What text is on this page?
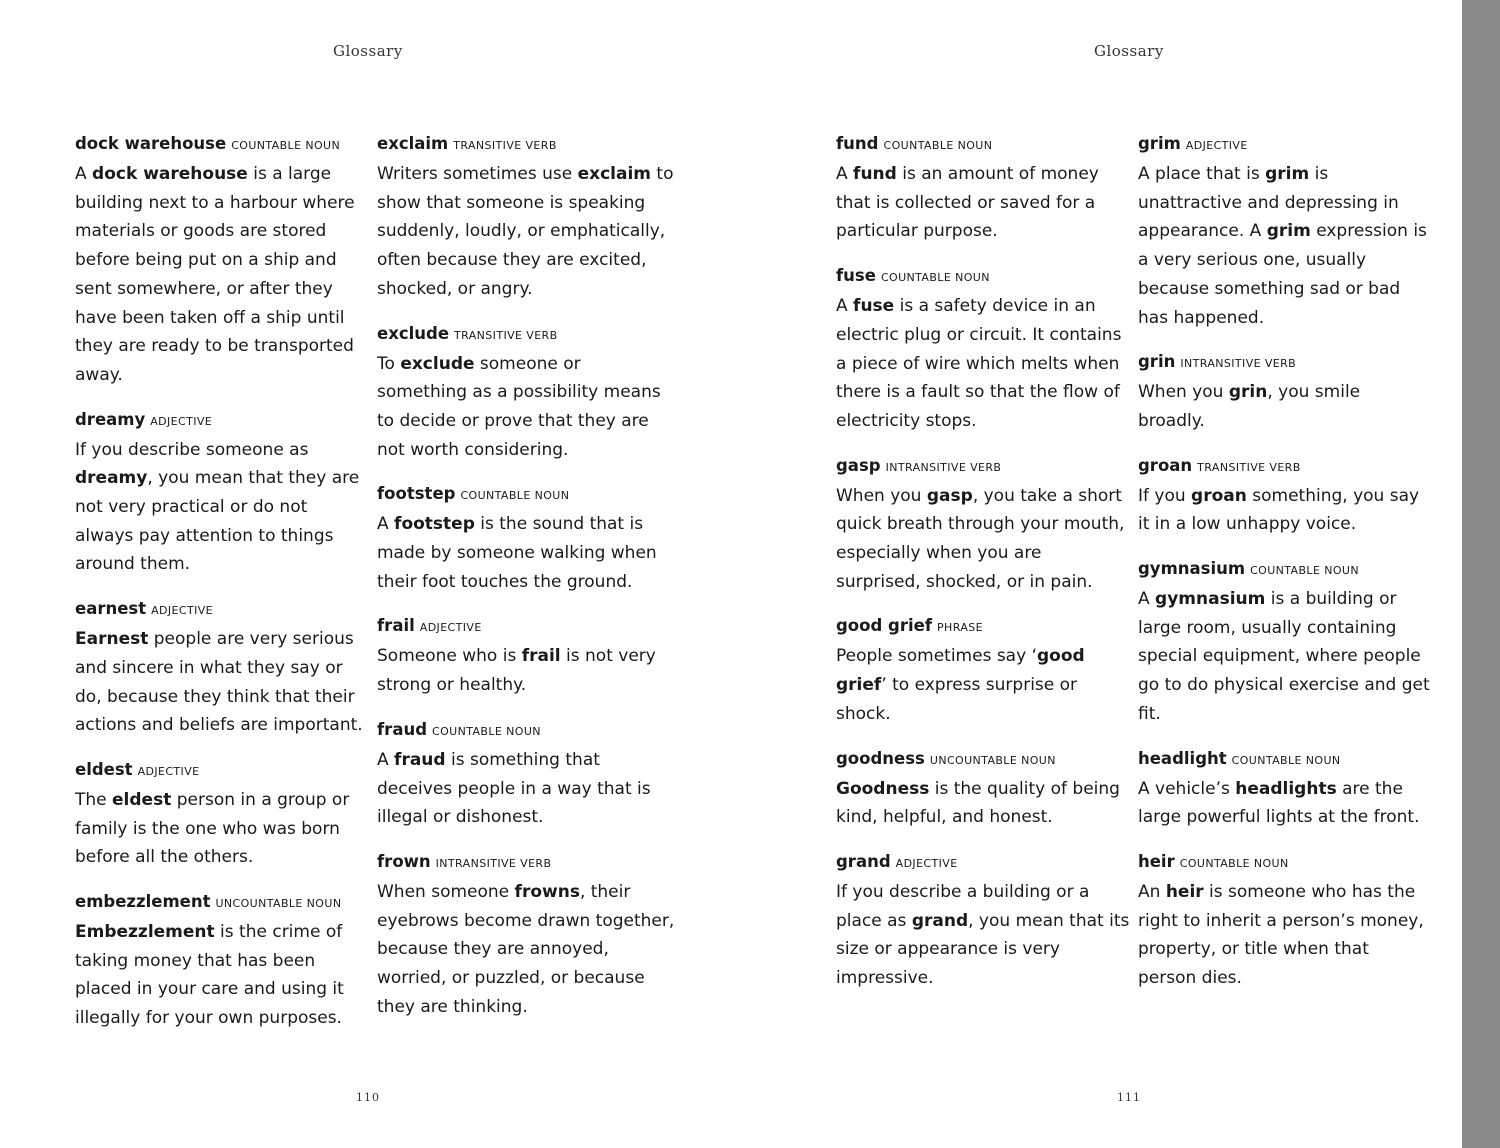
Glossary
dock warehouse COUNTABLE NOUN
A dock warehouse is a large
building next to a harbour where
materials or goods are stored
before being put on a ship and
sent somewhere, or after they
have been taken off a ship until
they are ready to be transported
away.
dreamy ADJECTIVE
If you describe someone as
dreamy, you mean that they are
not very practical or do not
always pay attention to things
around them.
earnest ADJECTIVE
Earnest people are very serious
and sincere in what they say or
do, because they think that their
actions and beliefs are important.
eldest ADJECTIVE
The eldest person in a group or
family is the one who was born
before all the others.
embezzlement UNCOUNTABLE NOUN
Embezzlement is the crime of
taking money that has been
placed in your care and using it
illegally for your own purposes.
exclaim TRANSITIVE VERB
Writers sometimes use exclaim to
show that someone is speaking
suddenly, loudly, or emphatically,
often because they are excited,
shocked, or angry.
exclude TRANSITIVE VERB
To exclude someone or
something as a possibility means
to decide or prove that they are
not worth considering.
footstep COUNTABLE NOUN
A footstep is the sound that is
made by someone walking when
their foot touches the ground.
frail ADJECTIVE
Someone who is frail is not very
strong or healthy.
fraud COUNTABLE NOUN
A fraud is something that
deceives people in a way that is
illegal or dishonest.
frown INTRANSITIVE VERB
When someone frowns, their
eyebrows become drawn together,
because they are annoyed,
worried, or puzzled, or because
they are thinking.
110
Glossary
fund COUNTABLE NOUN
A fund is an amount of money
that is collected or saved for a
particular purpose.
fuse COUNTABLE NOUN
A fuse is a safety device in an
electric plug or circuit. It contains
a piece of wire which melts when
there is a fault so that the flow of
electricity stops.
gasp INTRANSITIVE VERB
When you gasp, you take a short
quick breath through your mouth,
especially when you are
surprised, shocked, or in pain.
good grief PHRASE
People sometimes say ‘good
grief’ to express surprise or
shock.
goodness UNCOUNTABLE NOUN
Goodness is the quality of being
kind, helpful, and honest.
grand ADJECTIVE
If you describe a building or a
place as grand, you mean that its
size or appearance is very
impressive.
grim ADJECTIVE
A place that is grim is
unattractive and depressing in
appearance. A grim expression is
a very serious one, usually
because something sad or bad
has happened.
grin INTRANSITIVE VERB
When you grin, you smile
broadly.
groan TRANSITIVE VERB
If you groan something, you say
it in a low unhappy voice.
gymnasium COUNTABLE NOUN
A gymnasium is a building or
large room, usually containing
special equipment, where people
go to do physical exercise and get
fit.
headlight COUNTABLE NOUN
A vehicle’s headlights are the
large powerful lights at the front.
heir COUNTABLE NOUN
An heir is someone who has the
right to inherit a person’s money,
property, or title when that
person dies.
111
